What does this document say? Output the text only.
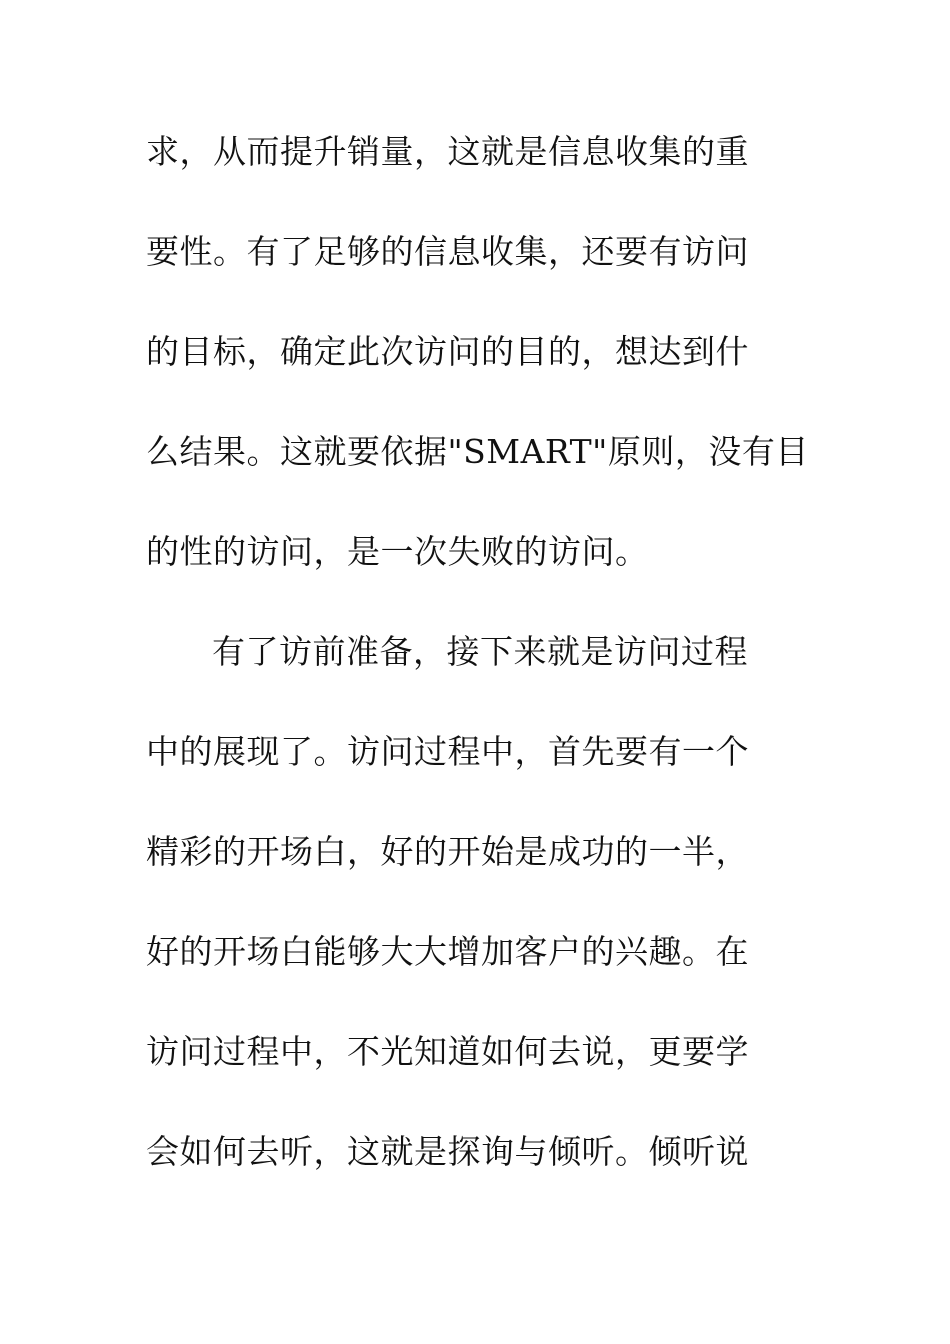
求，从而提升销量，这就是信息收集的重
要性。有了足够的信息收集，还要有访问
的目标，确定此次访问的目的，想达到什
么结果。这就要依据"SMART"原则，没有目
的性的访问，是一次失败的访问。
有了访前准备，接下来就是访问过程
中的展现了。访问过程中，首先要有一个
精彩的开场白，好的开始是成功的一半，
好的开场白能够大大增加客户的兴趣。在
访问过程中，不光知道如何去说，更要学
会如何去听，这就是探询与倾听。倾听说
